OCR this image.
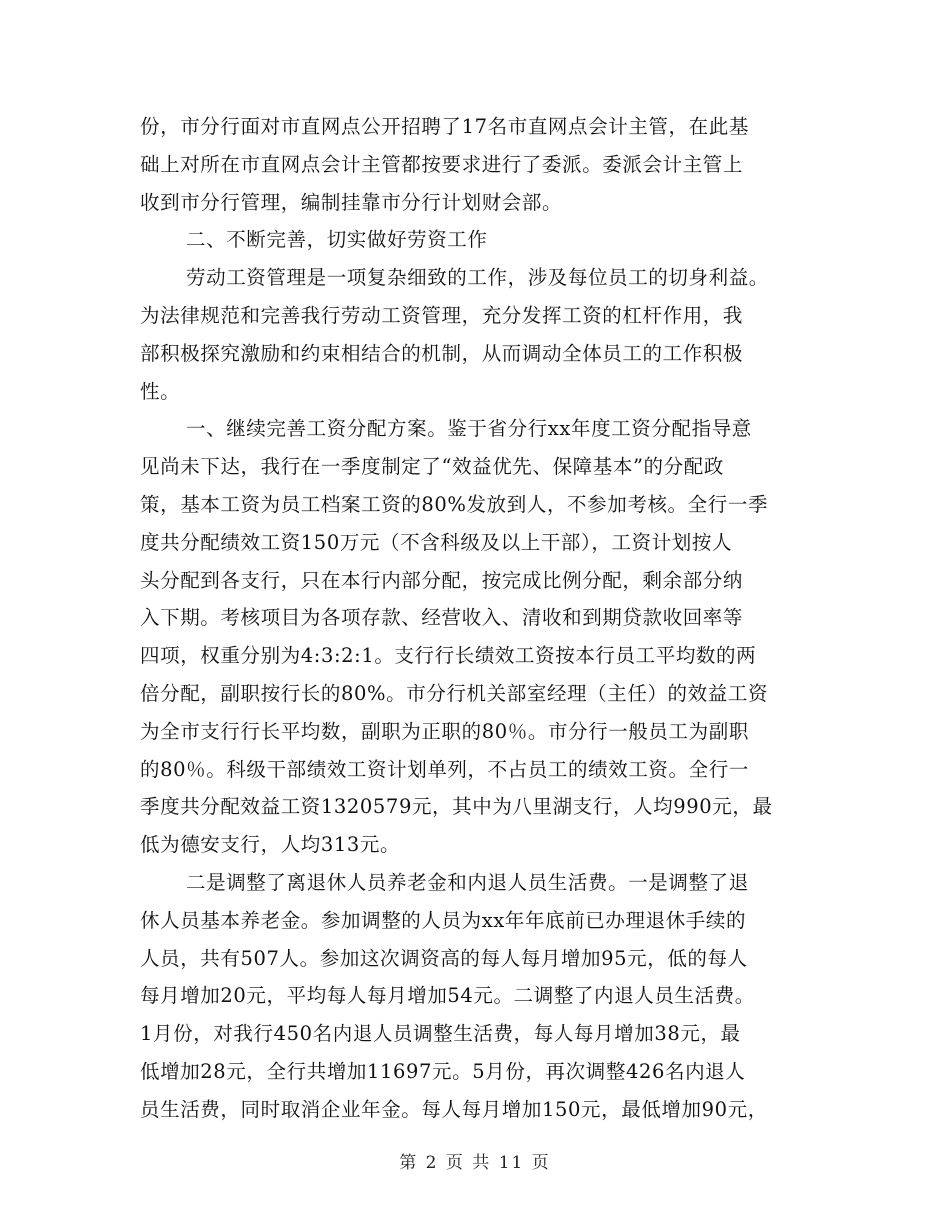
份，市分行面对市直网点公开招聘了17名市直网点会计主管，在此基
础上对所在市直网点会计主管都按要求进行了委派。委派会计主管上
收到市分行管理，编制挂靠市分行计划财会部。
二、不断完善，切实做好劳资工作
劳动工资管理是一项复杂细致的工作，涉及每位员工的切身利益。
为法律规范和完善我行劳动工资管理，充分发挥工资的杠杆作用，我
部积极探究激励和约束相结合的机制，从而调动全体员工的工作积极
性。
一、继续完善工资分配方案。鉴于省分行xx年度工资分配指导意
见尚未下达，我行在一季度制定了“效益优先、保障基本”的分配政
策，基本工资为员工档案工资的80%发放到人，不参加考核。全行一季
度共分配绩效工资150万元（不含科级及以上干部），工资计划按人
头分配到各支行，只在本行内部分配，按完成比例分配，剩余部分纳
入下期。考核项目为各项存款、经营收入、清收和到期贷款收回率等
四项，权重分别为4:3:2:1。支行行长绩效工资按本行员工平均数的两
倍分配，副职按行长的80%。市分行机关部室经理（主任）的效益工资
为全市支行行长平均数，副职为正职的80％。市分行一般员工为副职
的80％。科级干部绩效工资计划单列，不占员工的绩效工资。全行一
季度共分配效益工资1320579元，其中为八里湖支行，人均990元，最
低为德安支行，人均313元。
二是调整了离退休人员养老金和内退人员生活费。一是调整了退
休人员基本养老金。参加调整的人员为xx年年底前已办理退休手续的
人员，共有507人。参加这次调资高的每人每月增加95元，低的每人
每月增加20元，平均每人每月增加54元。二调整了内退人员生活费。
1月份，对我行450名内退人员调整生活费，每人每月增加38元，最
低增加28元，全行共增加11697元。5月份，再次调整426名内退人
员生活费，同时取消企业年金。每人每月增加150元，最低增加90元，
第 2 页 共 11 页
